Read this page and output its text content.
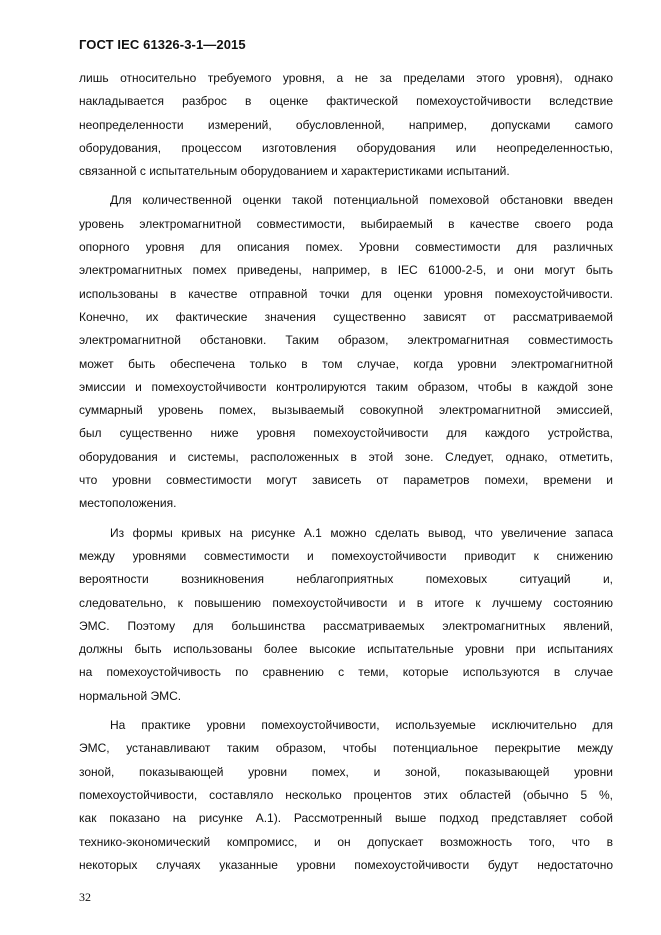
ГОСТ IEC 61326-3-1—2015
лишь относительно требуемого уровня, а не за пределами этого уровня), однако
накладывается разброс в оценке фактической помехоустойчивости вследствие
неопределенности измерений, обусловленной, например, допусками самого
оборудования, процессом изготовления оборудования или неопределенностью,
связанной с испытательным оборудованием и характеристиками испытаний.
Для количественной оценки такой потенциальной помеховой обстановки введен
уровень электромагнитной совместимости, выбираемый в качестве своего рода
опорного уровня для описания помех. Уровни совместимости для различных
электромагнитных помех приведены, например, в IEC 61000-2-5, и они могут быть
использованы в качестве отправной точки для оценки уровня помехоустойчивости.
Конечно, их фактические значения существенно зависят от рассматриваемой
электромагнитной обстановки. Таким образом, электромагнитная совместимость
может быть обеспечена только в том случае, когда уровни электромагнитной
эмиссии и помехоустойчивости контролируются таким образом, чтобы в каждой зоне
суммарный уровень помех, вызываемый совокупной электромагнитной эмиссией,
был существенно ниже уровня помехоустойчивости для каждого устройства,
оборудования и системы, расположенных в этой зоне. Следует, однако, отметить,
что уровни совместимости могут зависеть от параметров помехи, времени и
местоположения.
Из формы кривых на рисунке А.1 можно сделать вывод, что увеличение запаса
между уровнями совместимости и помехоустойчивости приводит к снижению
вероятности возникновения неблагоприятных помеховых ситуаций и,
следовательно, к повышению помехоустойчивости и в итоге к лучшему состоянию
ЭМС. Поэтому для большинства рассматриваемых электромагнитных явлений,
должны быть использованы более высокие испытательные уровни при испытаниях
на помехоустойчивость по сравнению с теми, которые используются в случае
нормальной ЭМС.
На практике уровни помехоустойчивости, используемые исключительно для
ЭМС, устанавливают таким образом, чтобы потенциальное перекрытие между
зоной, показывающей уровни помех, и зоной, показывающей уровни
помехоустойчивости, составляло несколько процентов этих областей (обычно 5 %,
как показано на рисунке А.1). Рассмотренный выше подход представляет собой
технико-экономический компромисс, и он допускает возможность того, что в
некоторых случаях указанные уровни помехоустойчивости будут недостаточно
32
